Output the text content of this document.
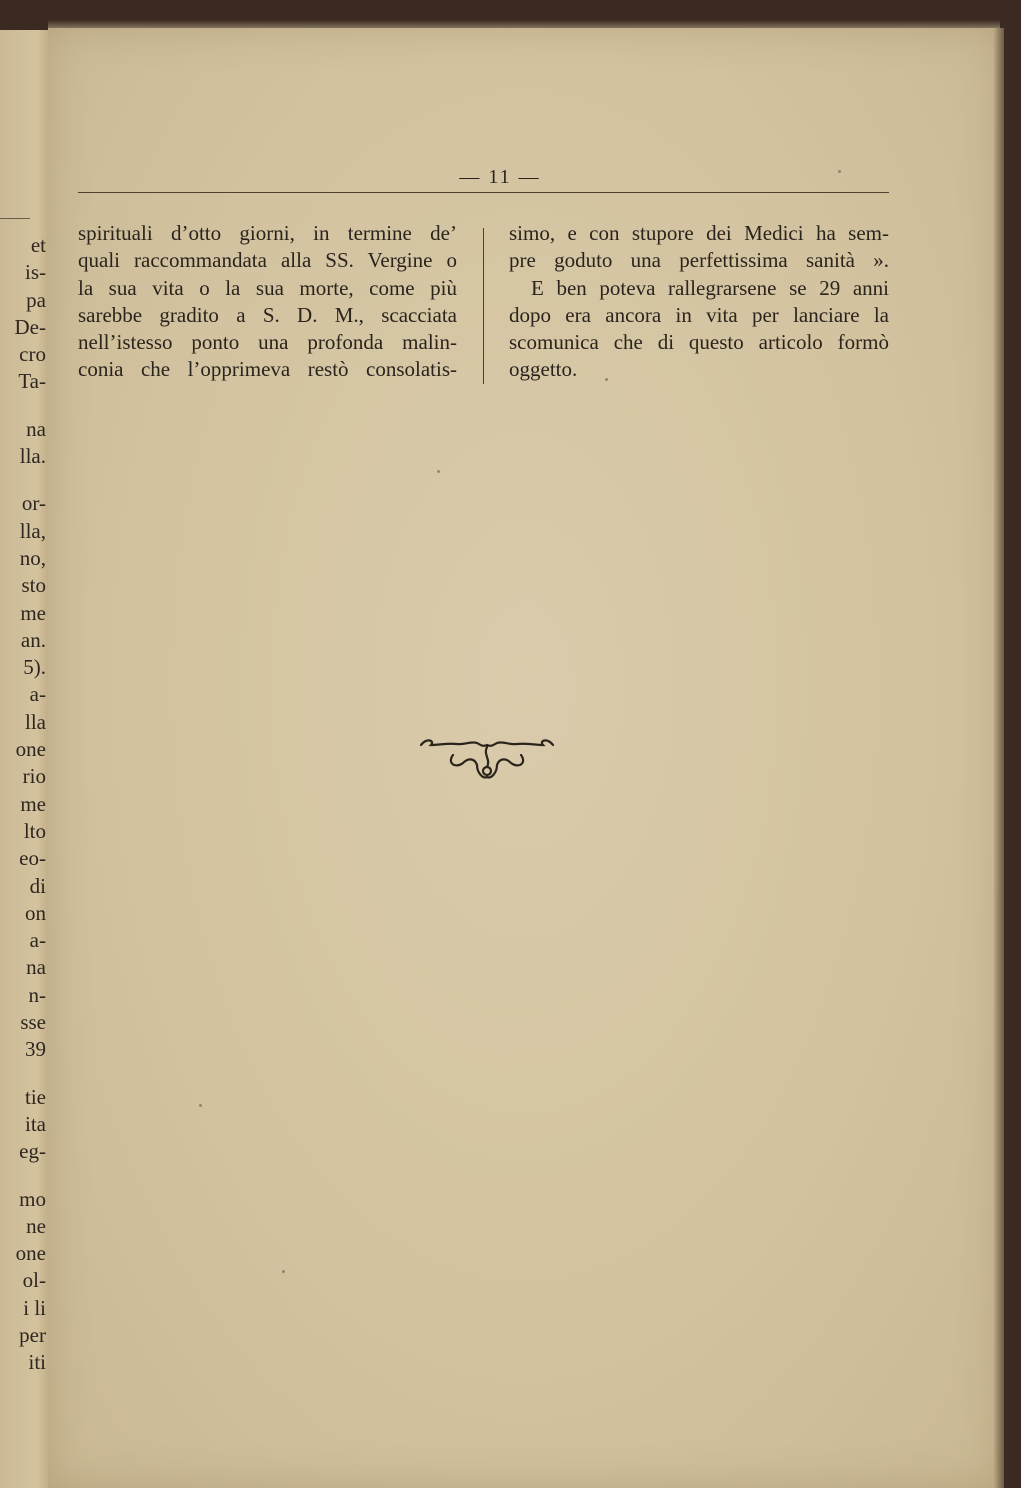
et
is-
pa
De-
cro
Ta-
na
lla.
or-
lla,
no,
sto
me
an.
5).
a-
lla
one
rio
me
lto
eo-
di
on
a-
na
n-
sse
39
tie
ita
eg-
mo
ne
one
ol-
i li
per
iti
— 11 —
spirituali d’otto giorni, in termine de’
quali raccommandata alla SS. Vergine o
la sua vita o la sua morte, come più
sarebbe gradito a S. D. M., scacciata
nell’istesso ponto una profonda malin-
conia che l’opprimeva restò consolatis-
simo, e con stupore dei Medici ha sem-
pre goduto una perfettissima sanità ».
E ben poteva rallegrarsene se 29 anni
dopo era ancora in vita per lanciare la
scomunica che di questo articolo formò
oggetto.
